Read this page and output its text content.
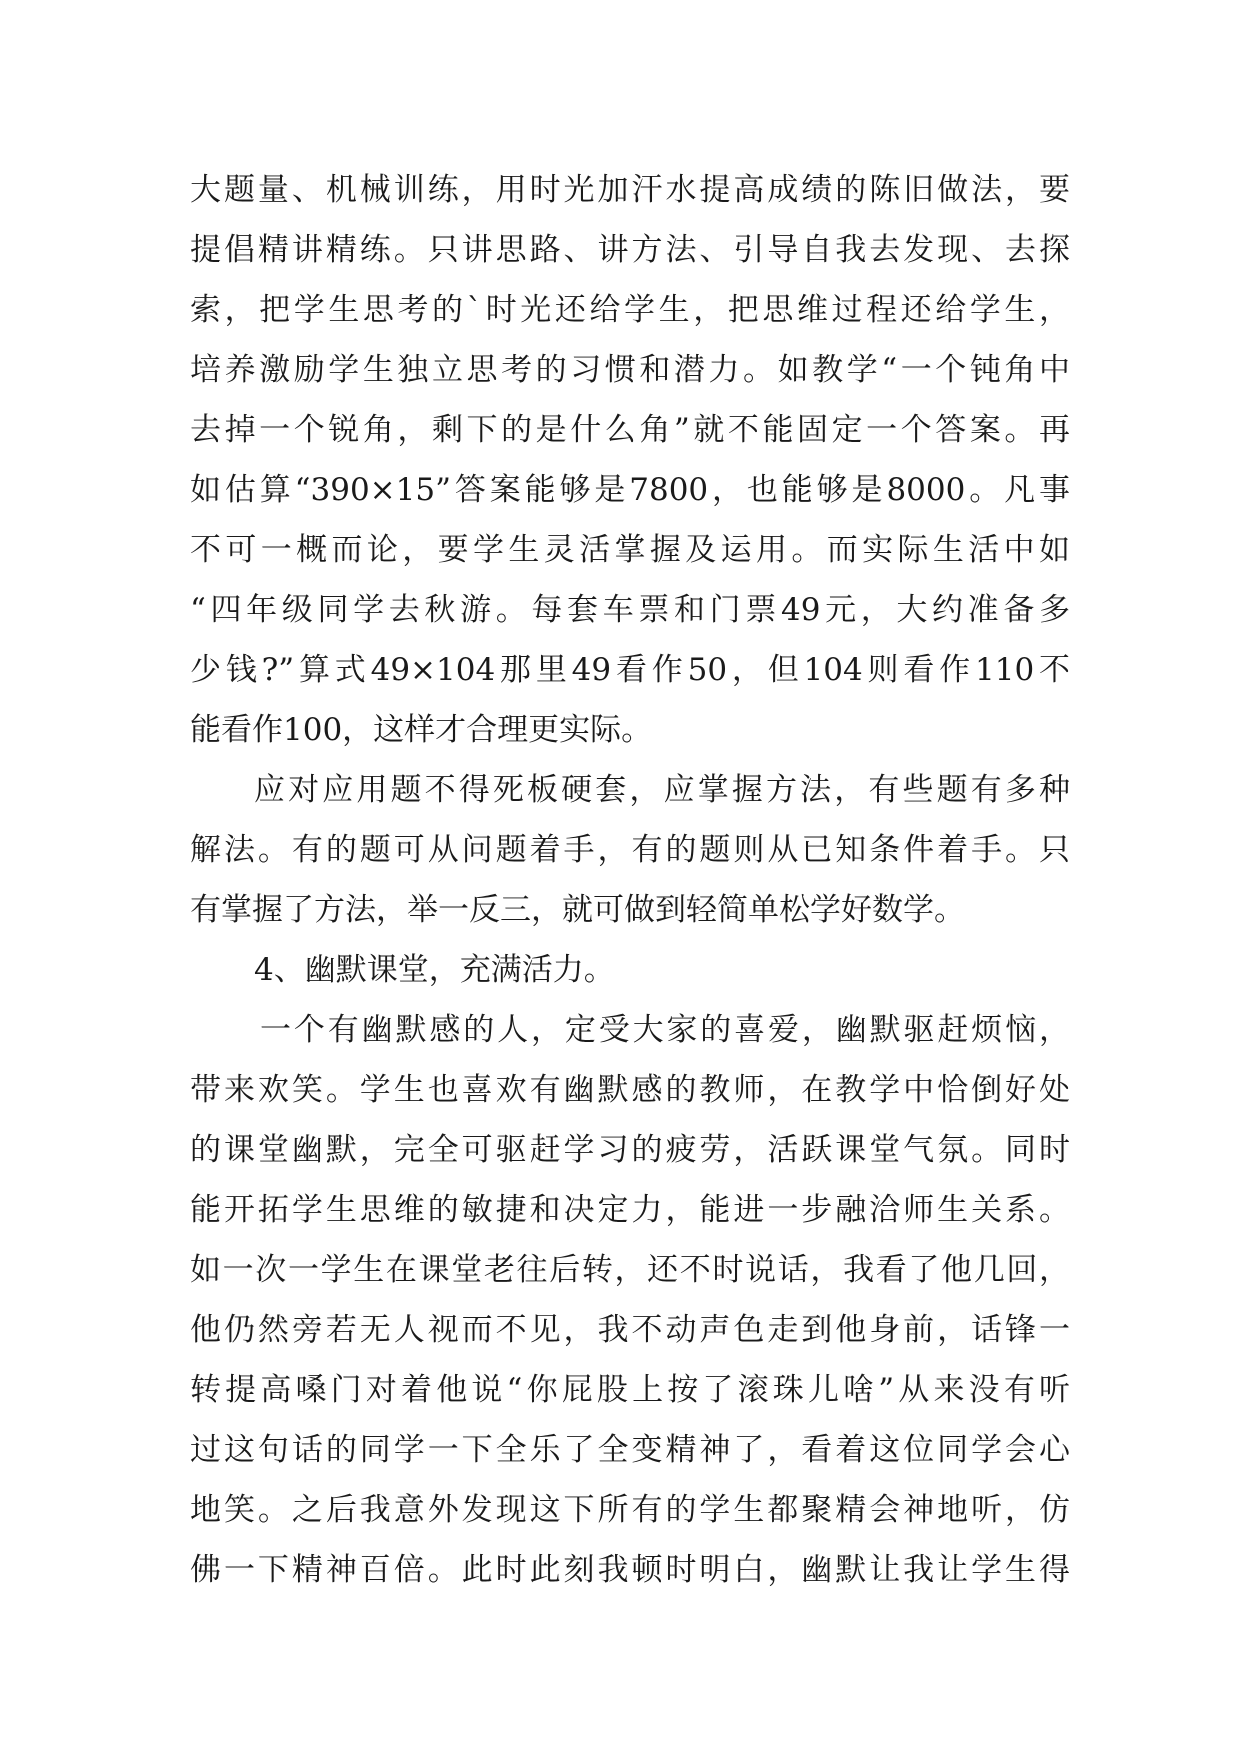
大题量、机械训练，用时光加汗水提高成绩的陈旧做法，要
提倡精讲精练。只讲思路、讲方法、引导自我去发现、去探
索，把学生思考的`时光还给学生，把思维过程还给学生，
培养激励学生独立思考的习惯和潜力。如教学“一个钝角中
去掉一个锐角，剩下的是什么角”就不能固定一个答案。再
如估算“390×15”答案能够是7800，也能够是8000。凡事
不可一概而论，要学生灵活掌握及运用。而实际生活中如
“四年级同学去秋游。每套车票和门票49元，大约准备多
少钱?”算式49×104那里49看作50，但104则看作110不
能看作100，这样才合理更实际。
应对应用题不得死板硬套，应掌握方法，有些题有多种
解法。有的题可从问题着手，有的题则从已知条件着手。只
有掌握了方法，举一反三，就可做到轻简单松学好数学。
4、幽默课堂，充满活力。
一个有幽默感的人，定受大家的喜爱，幽默驱赶烦恼，
带来欢笑。学生也喜欢有幽默感的教师，在教学中恰倒好处
的课堂幽默，完全可驱赶学习的疲劳，活跃课堂气氛。同时
能开拓学生思维的敏捷和决定力，能进一步融洽师生关系。
如一次一学生在课堂老往后转，还不时说话，我看了他几回，
他仍然旁若无人视而不见，我不动声色走到他身前，话锋一
转提高嗓门对着他说“你屁股上按了滚珠儿啥”从来没有听
过这句话的同学一下全乐了全变精神了，看着这位同学会心
地笑。之后我意外发现这下所有的学生都聚精会神地听，仿
佛一下精神百倍。此时此刻我顿时明白，幽默让我让学生得
